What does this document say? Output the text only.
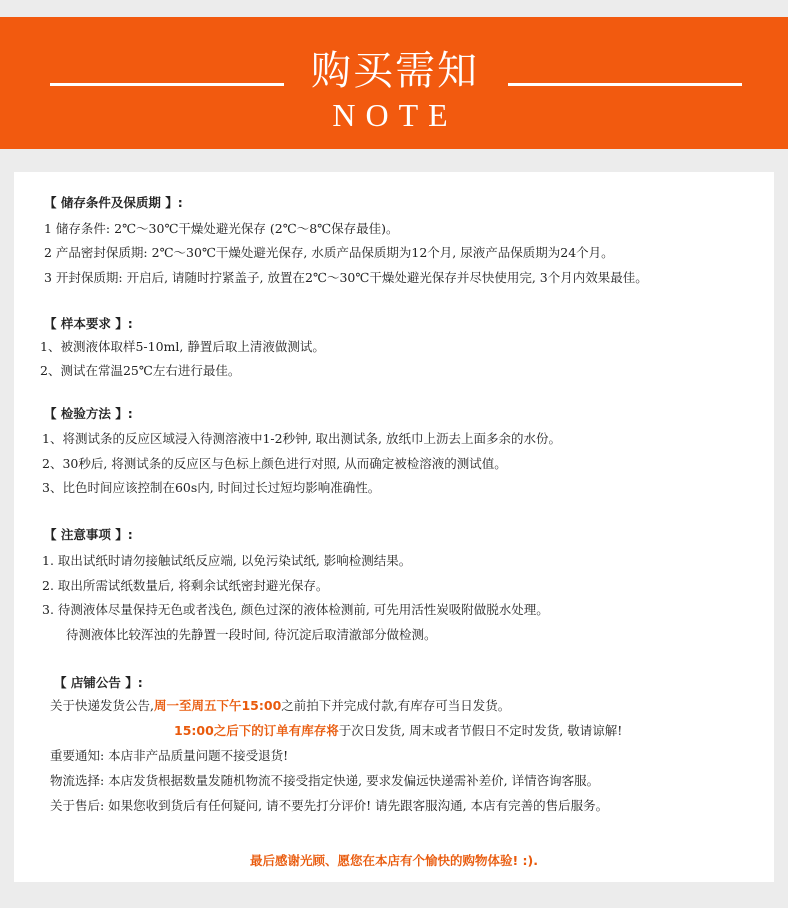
购买需知
NOTE
【 储存条件及保质期 】:
1 储存条件: 2℃～30℃干燥处避光保存 (2℃～8℃保存最佳)。
2 产品密封保质期: 2℃～30℃干燥处避光保存, 水质产品保质期为12个月, 尿液产品保质期为24个月。
3 开封保质期: 开启后, 请随时拧紧盖子, 放置在2℃～30℃干燥处避光保存并尽快使用完, 3个月内效果最佳。
【 样本要求 】:
1、被测液体取样5-10ml, 静置后取上清液做测试。
2、测试在常温25℃左右进行最佳。
【 检验方法 】:
1、将测试条的反应区域浸入待测溶液中1-2秒钟, 取出测试条, 放纸巾上沥去上面多余的水份。
2、30秒后, 将测试条的反应区与色标上颜色进行对照, 从而确定被检溶液的测试值。
3、比色时间应该控制在60s内, 时间过长过短均影响准确性。
【 注意事项 】:
1. 取出试纸时请勿接触试纸反应端, 以免污染试纸, 影响检测结果。
2. 取出所需试纸数量后, 将剩余试纸密封避光保存。
3. 待测液体尽量保持无色或者浅色, 颜色过深的液体检测前, 可先用活性炭吸附做脱水处理。
待测液体比较浑浊的先静置一段时间, 待沉淀后取清澈部分做检测。
【 店铺公告 】:
关于快递发货公告,周一至周五下午15:00之前拍下并完成付款,有库存可当日发货。
15:00之后下的订单有库存将于次日发货, 周末或者节假日不定时发货, 敬请谅解!
重要通知: 本店非产品质量问题不接受退货!
物流选择: 本店发货根据数量发随机物流不接受指定快递, 要求发偏远快递需补差价, 详情咨询客服。
关于售后: 如果您收到货后有任何疑问, 请不要先打分评价! 请先跟客服沟通, 本店有完善的售后服务。
最后感谢光顾、愿您在本店有个愉快的购物体验! :).
